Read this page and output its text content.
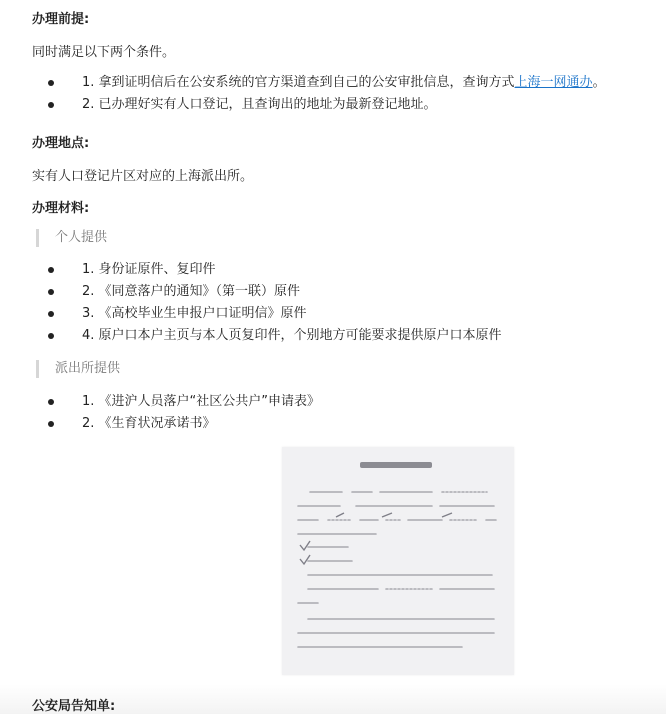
办理前提:
同时满足以下两个条件。
1. 拿到证明信后在公安系统的官方渠道查到自己的公安审批信息，查询方式上海一网通办。
2. 已办理好实有人口登记，且查询出的地址为最新登记地址。
办理地点:
实有人口登记片区对应的上海派出所。
办理材料:
个人提供
1. 身份证原件、复印件
2. 《同意落户的通知》（第一联）原件
3. 《高校毕业生申报户口证明信》原件
4. 原户口本户主页与本人页复印件，个别地方可能要求提供原户口本原件
派出所提供
1. 《进沪人员落户“社区公共户”申请表》
2. 《生育状况承诺书》
公安局告知单:
